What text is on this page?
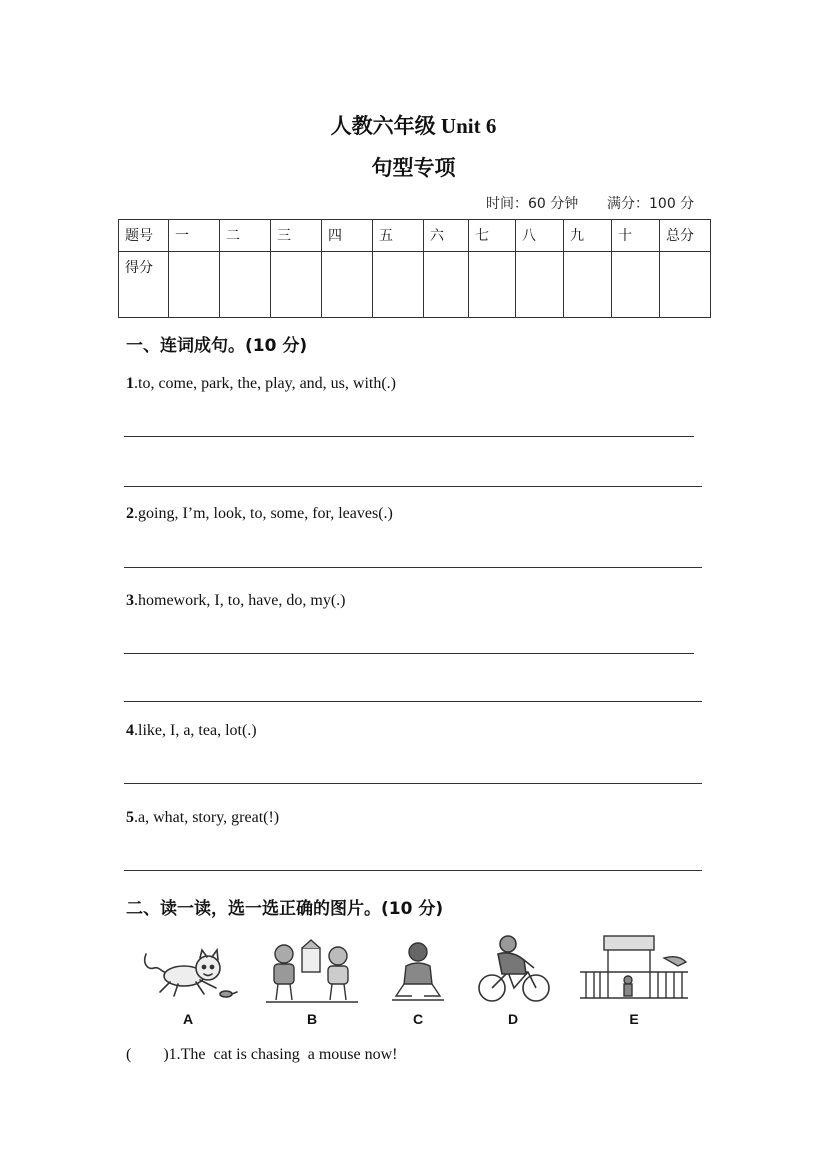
人教六年级 Unit 6
句型专项
时间：60 分钟 满分：100 分
题号	一	二	三	四	五	六	七	八	九	十	总分
得分											
一、连词成句。(10 分)
1.to, come, park, the, play, and, us, with(.)
2.going, I’m, look, to, some, for, leaves(.)
3.homework, I, to, have, do, my(.)
4.like, I, a, tea, lot(.)
5.a, what, story, great(!)
二、读一读，选一选正确的图片。(10 分)
A	B	C	D	E
(        )1.The  cat is chasing  a mouse now!
